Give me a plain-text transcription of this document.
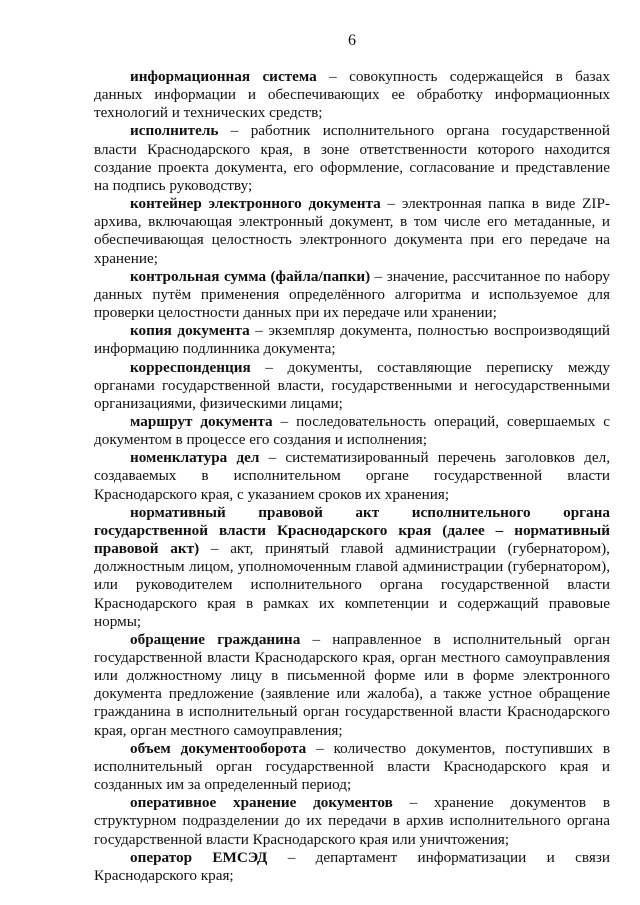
6

информационная система – совокупность содержащейся в базах данных информации и обеспечивающих ее обработку информационных технологий и технических средств;

исполнитель – работник исполнительного органа государственной власти Краснодарского края, в зоне ответственности которого находится создание проекта документа, его оформление, согласование и представление на подпись руководству;

контейнер электронного документа – электронная папка в виде ZIP-архива, включающая электронный документ, в том числе его метаданные, и обеспечивающая целостность электронного документа при его передаче на хранение;

контрольная сумма (файла/папки) – значение, рассчитанное по набору данных путём применения определённого алгоритма и используемое для проверки целостности данных при их передаче или хранении;

копия документа – экземпляр документа, полностью воспроизводящий информацию подлинника документа;

корреспонденция – документы, составляющие переписку между органами государственной власти, государственными и негосударственными организациями, физическими лицами;

маршрут документа – последовательность операций, совершаемых с документом в процессе его создания и исполнения;

номенклатура дел – систематизированный перечень заголовков дел, создаваемых в исполнительном органе государственной власти Краснодарского края, с указанием сроков их хранения;

нормативный правовой акт исполнительного органа государственной власти Краснодарского края (далее – нормативный правовой акт) – акт, принятый главой администрации (губернатором), должностным лицом, уполномоченным главой администрации (губернатором), или руководителем исполнительного органа государственной власти Краснодарского края в рамках их компетенции и содержащий правовые нормы;

обращение гражданина – направленное в исполнительный орган государственной власти Краснодарского края, орган местного самоуправления или должностному лицу в письменной форме или в форме электронного документа предложение (заявление или жалоба), а также устное обращение гражданина в исполнительный орган государственной власти Краснодарского края, орган местного самоуправления;

объем документооборота – количество документов, поступивших в исполнительный орган государственной власти Краснодарского края и созданных им за определенный период;

оперативное хранение документов – хранение документов в структурном подразделении до их передачи в архив исполнительного органа государственной власти Краснодарского края или уничтожения;

оператор ЕМСЭД – департамент информатизации и связи Краснодарского края;
